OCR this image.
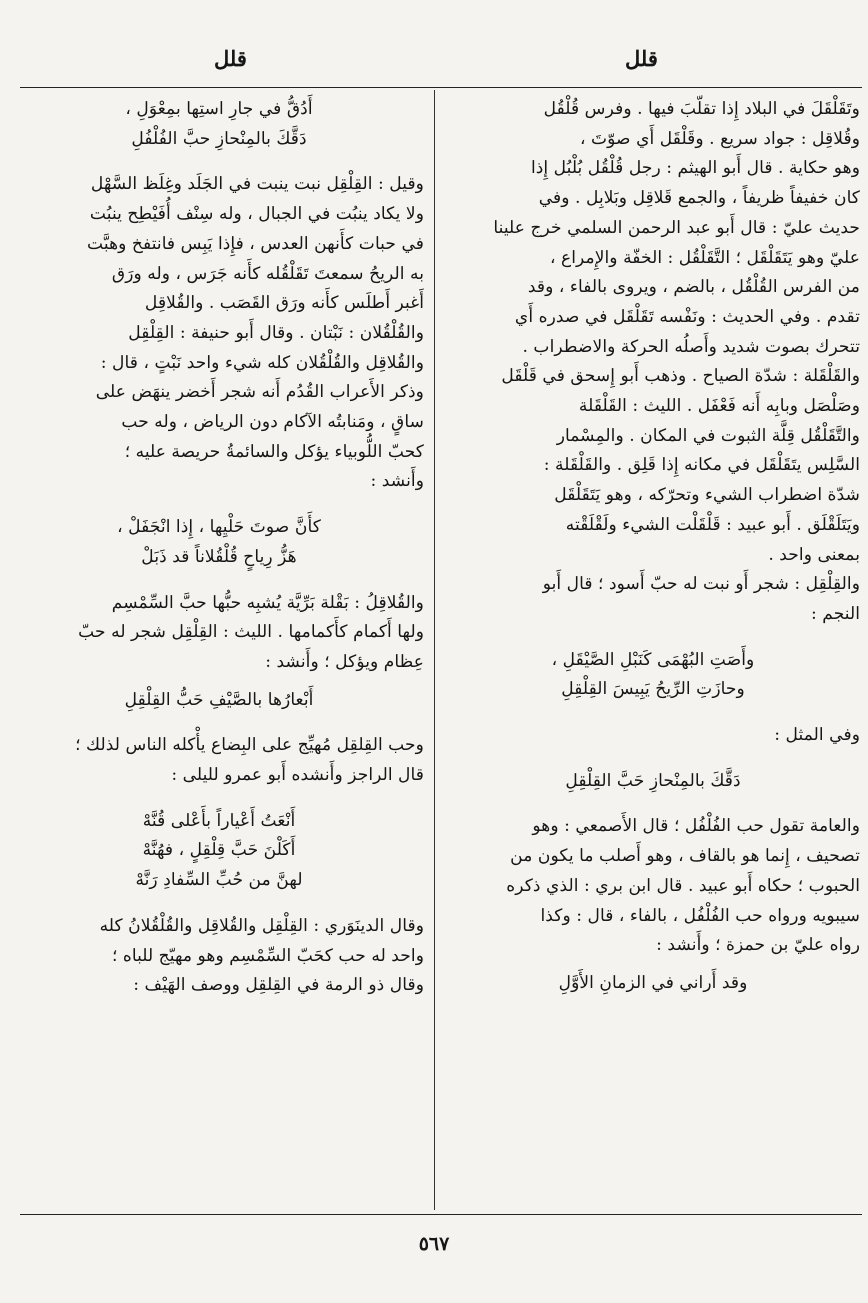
قلل
قلل

وتَقَلْقَلَ في البلاد إِذا تقلّبَ فيها . وفرس قُلْقُل

وقُلاقِل : جواد سريع . وقَلْقَل أَي صوّتَ ،

وهو حكاية . قال أَبو الهيثم : رجل قُلْقُل بُلْبُل إِذا

كان خفيفاً ظريفاً ، والجمع قَلاقِل وبَلابِل . وفي

حديث عليّ : قال أَبو عبد الرحمن السلمي خرج علينا

عليّ وهو يَتَقَلْقَل ؛ التَّقَلْقُل : الخفّة والإِمراع ،

من الفرس القُلْقُل ، بالضم ، ويروى بالفاء ، وقد

تقدم . وفي الحديث : ونَفْسه تَقَلْقَل في صدره أَي

تتحرك بصوت شديد وأَصلُه الحركة والاضطراب .

والقَلْقَلة : شدّة الصياح . وذهب أَبو إِسحق في قَلْقَل

وصَلْصَل وبابِه أَنه فَعْفَل . الليث : القَلْقَلة

والتَّقَلْقُل قِلَّة الثبوت في المكان . والمِسْمار

السَّلِس يتَقَلْقَل في مكانه إِذا قَلِق . والقَلْقَلة :

شدّة اضطراب الشيء وتحرّكه ، وهو يَتَقَلْقَل

ويَتَلَقْلَق . أَبو عبيد : قَلْقَلْت الشيء ولَقْلَقْته

بمعنى واحد .

والقِلْقِل : شجر أَو نبت له حبّ أَسود ؛ قال أَبو

النجم :

وأَصَتِ البُهْمَى كَنَبْلِ الصَّيْقَلِ ،

وحازَتِ الرِّيحُ يَبِيسَ القِلْقِلِ

وفي المثل :

دَقَّكَ بالمِنْحازِ حَبَّ القِلْقِلِ

والعامة تقول حب الفُلْفُل ؛ قال الأَصمعي : وهو

تصحيف ، إِنما هو بالقاف ، وهو أَصلب ما يكون من

الحبوب ؛ حكاه أَبو عبيد . قال ابن بري : الذي ذكره

سيبويه ورواه حب الفُلْفُل ، بالفاء ، قال : وكذا

رواه عليّ بن حمزة ؛ وأَنشد :

وقد أَراني في الزمانِ الأَوَّلِ

أَدُقُّ في جارِ استِها بمِعْوَلِ ،

دَقَّكَ بالمِنْحازِ حبَّ الفُلْفُلِ

وقيل : القِلْقِل نبت ينبت في الجَلَد وغِلَظ السَّهْل

ولا يكاد ينبُت في الجبال ، وله سِنْف أُفَيْطِح ينبُت

في حبات كأَنهن العدس ، فإِذا يَبِس فانتفخ وهبَّت

به الريحُ سمعتَ تَقَلْقُله كأَنه جَرَس ، وله ورَق

أَغبر أَطلَس كأَنه ورَق القَصَب . والقُلاقِل

والقُلْقُلان : نَبْتان . وقال أَبو حنيفة : القِلْقِل

والقُلاقِل والقُلْقُلان كله شيء واحد نَبْتٍ ، قال :

وذكر الأَعراب القُدُم أَنه شجر أَخضر ينهَض على

ساقٍ ، ومَنابتُه الآكام دون الرياض ، وله حب

كحبّ اللُّوبياء يؤكل والسائمةُ حريصة عليه ؛

وأَنشد :

كأَنَّ صوتَ حَلْيِها ، إِذا انْجَفَلْ ،

هَزُّ رِياحٍ قُلْقُلاناً قد ذَبَلْ

والقُلاقِلُ : بَقْلة بَرِّيَّة يُشبِه حبُّها حبَّ السِّمْسِم

ولها أَكمام كأَكمامها . الليث : القِلْقِل شجر له حبّ

عِظام ويؤكل ؛ وأَنشد :

أَبْعارُها بالصَّيْفِ حَبُّ القِلْقِلِ

وحب القِلقِل مُهيِّج على البِضاع يأْكله الناس لذلك ؛

قال الراجز وأَنشده أَبو عمرو لليلى :

أَنْعَتُ أَعْياراً بأَعْلى قُنَّهْ

أَكَلْنَ حَبَّ قِلْقِلٍ ، فهُنَّهْ

لهنَّ من حُبِّ السِّفادِ رَنَّهْ

وقال الدينَوَري : القِلْقِل والقُلاقِل والقُلْقُلانُ كله

واحد له حب كحَبّ السِّمْسِم وهو مهيّج للباه ؛

وقال ذو الرمة في القِلقِل ووصف الهَيْف :

٥٦٧
